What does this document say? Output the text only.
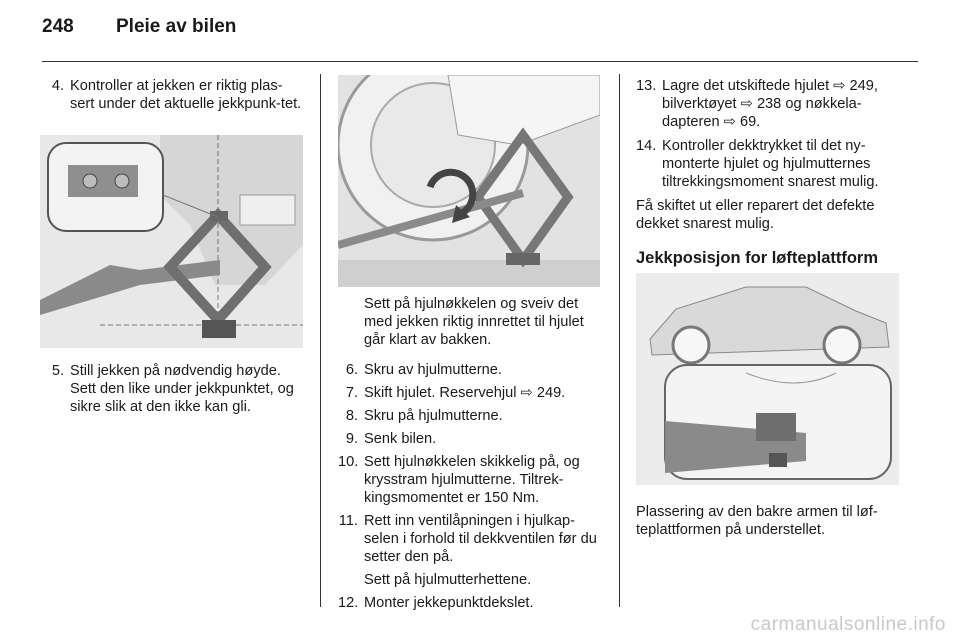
248 Pleie av bilen

4. Kontroller at jekken er riktig plas-sert under det aktuelle jekkpunk-tet.

5. Still jekken på nødvendig høyde. Sett den like under jekkpunktet, og sikre slik at den ikke kan gli.

Sett på hjulnøkkelen og sveiv det med jekken riktig innrettet til hjulet går klart av bakken.

6. Skru av hjulmutterne.

7. Skift hjulet. Reservehjul ⇨ 249.

8. Skru på hjulmutterne.

9. Senk bilen.

10. Sett hjulnøkkelen skikkelig på, og krysstram hjulmutterne. Tiltrek-kingsmomentet er 150 Nm.

11. Rett inn ventilåpningen i hjulkap-selen i forhold til dekkventilen før du setter den på.

Sett på hjulmutterhettene.

12. Monter jekkepunktdekslet.

13. Lagre det utskiftede hjulet ⇨ 249, bilverktøyet ⇨ 238 og nøkkela-dapteren ⇨ 69.

14. Kontroller dekktrykket til det ny-monterte hjulet og hjulmutternes tiltrekkingsmoment snarest mulig.

Få skiftet ut eller reparert det defekte dekket snarest mulig.

Jekkposisjon for løfteplattform

Plassering av den bakre armen til løf-teplattformen på understellet.

carmanualsonline.info
